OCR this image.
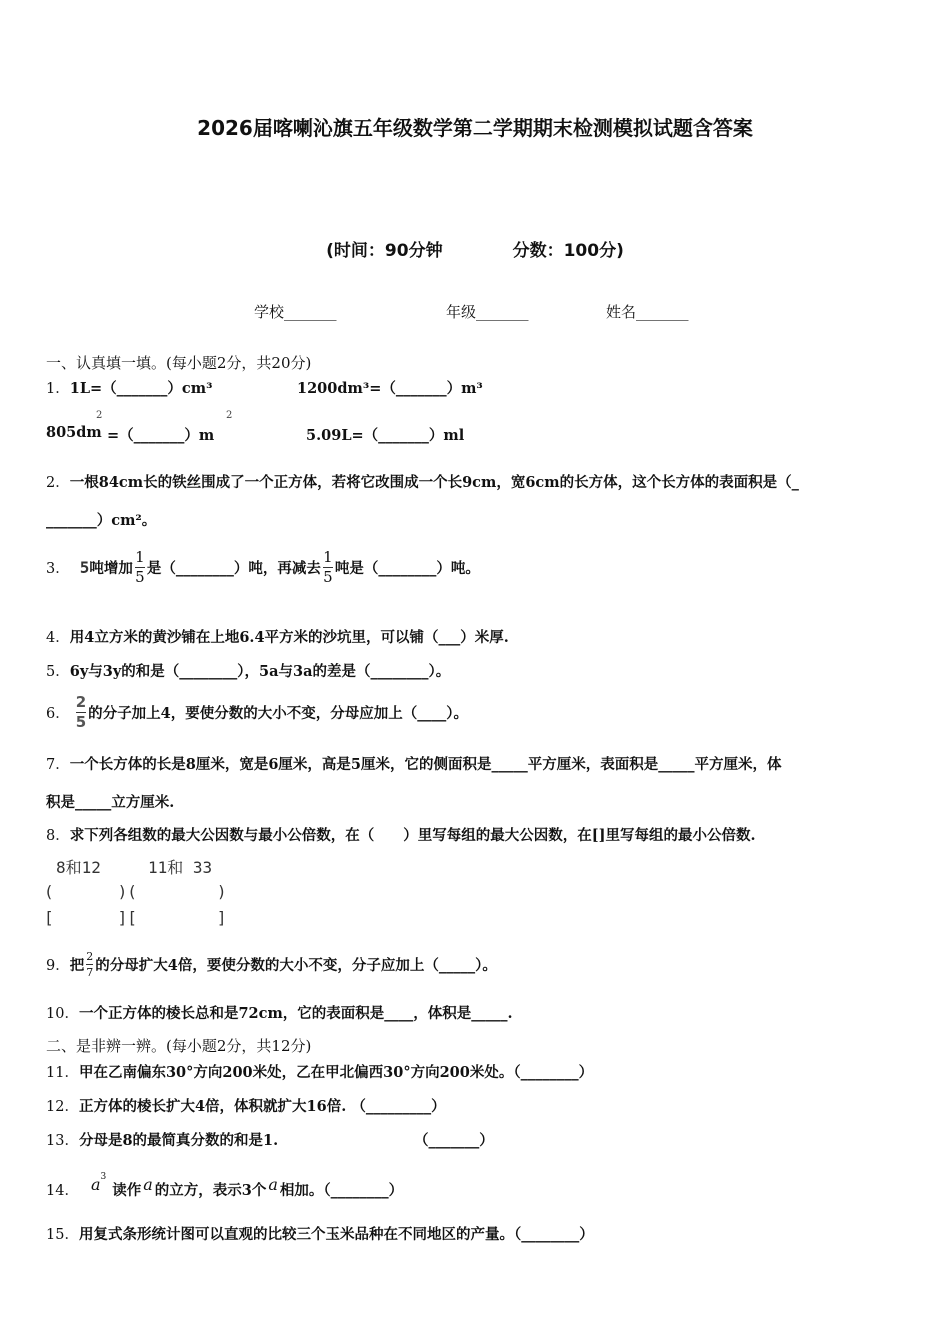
2026届喀喇沁旗五年级数学第二学期期末检测模拟试题含答案
(时间：90分钟	分数：100分)
学校_______	年级_______	姓名_______
一、认真填一填。(每小题2分，共20分)
1．1L=（_______）cm³	1200dm³=（_______）m³
805dm
2
=（_______）m
2
5.09L=（_______）ml
2．一根84cm长的铁丝围成了一个正方体，若将它改围成一个长9cm，宽6cm的长方体，这个长方体的表面积是（_
_______）cm²。
3． 5 吨增加 $\frac{1}{5}$ 是（________）吨，再减去 $\frac{1}{5}$ 吨是（________）吨。
4．用4立方米的黄沙铺在上地6.4平方米的沙坑里，可以铺（___）米厚.
5．6y与3y的和是（________），5a与3a的差是（________）。
6． $\frac{2}{5}$ 的分子加上4，要使分数的大小不变，分母应加上（____）。
7．一个长方体的长是8厘米，宽是6厘米，高是5厘米，它的侧面积是_____平方厘米，表面积是_____平方厘米，体
积是_____立方厘米.
8．求下列各组数的最大公因数与最小公倍数，在（　　）里写每组的最大公因数，在[]里写每组的最小公倍数.
8和12	11和 33
(　　　　)(　　　　　)
[　　　　][　　　　　]
9． 把 $\frac{2}{7}$ 的分母扩大4倍，要使分数的大小不变，分子应加上（_____）。
10．一个正方体的棱长总和是72cm，它的表面积是____，体积是_____.
二、是非辨一辨。(每小题2分，共12分)
11．甲在乙南偏东30°方向200米处，乙在甲北偏西30°方向200米处。（________）
12．正方体的棱长扩大4倍，体积就扩大16倍. （_________）
13．分母是8的最简真分数的和是1.	（_______）
14． a 3
读作 a 的立方，表示3个 a 相加。（________）
15．用复式条形统计图可以直观的比较三个玉米品种在不同地区的产量。（________）
